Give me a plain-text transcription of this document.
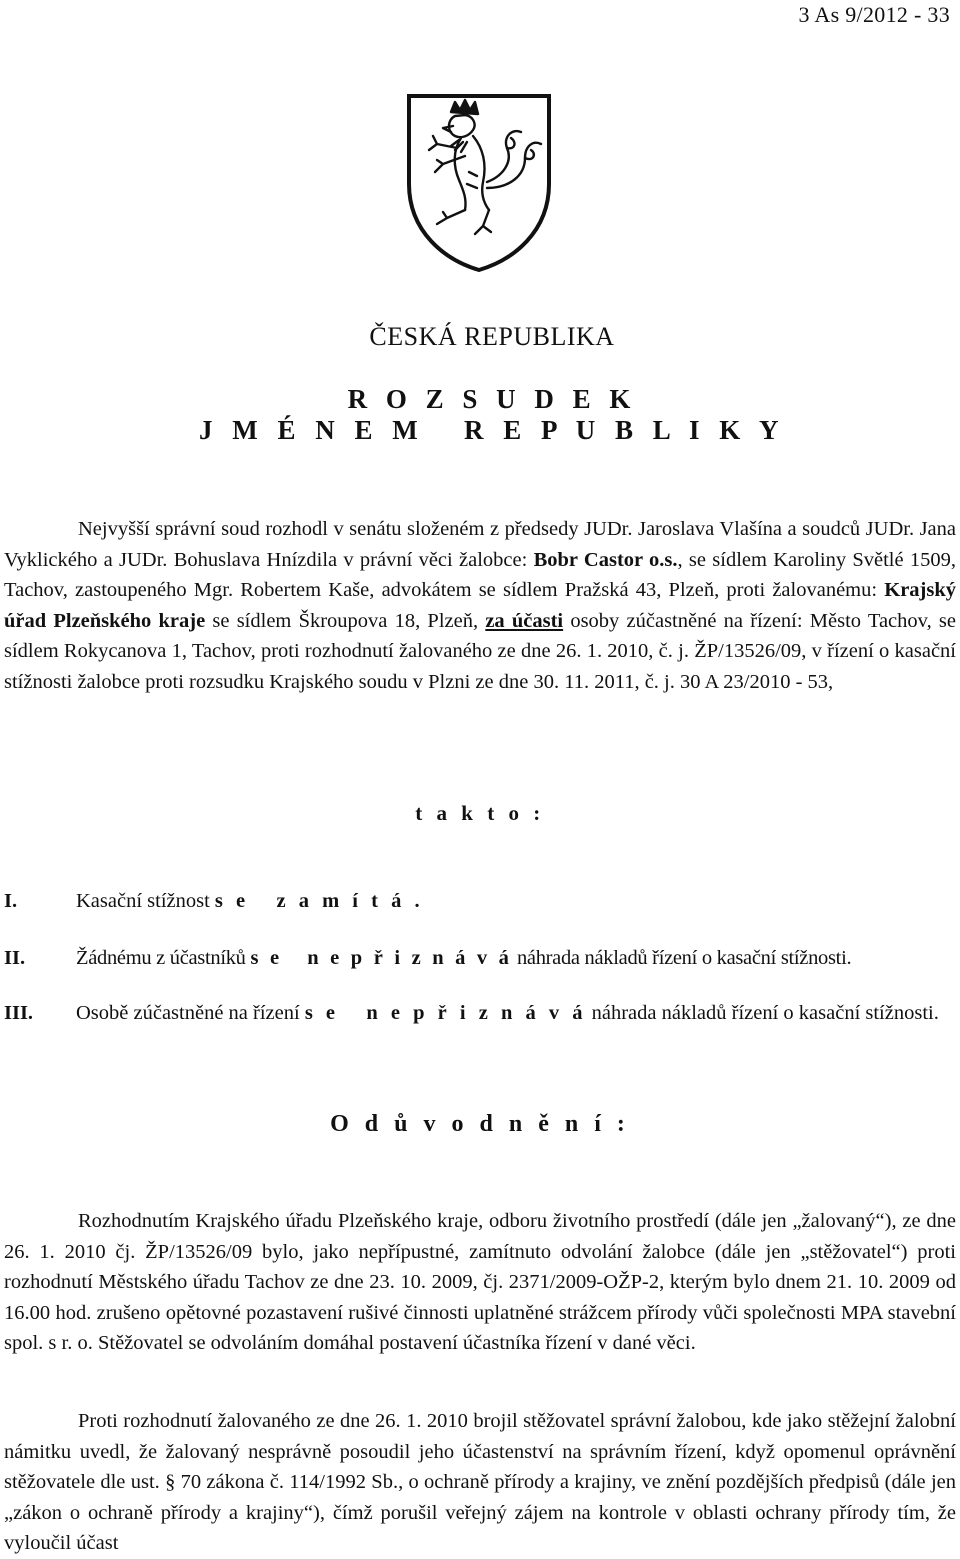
3 As 9/2012 - 33
ČESKÁ REPUBLIKA
R O Z S U D E K
J M É N E M   R E P U B L I K Y

Nejvyšší správní soud rozhodl v senátu složeném z předsedy JUDr. Jaroslava Vlašína a soudců JUDr. Jana Vyklického a JUDr. Bohuslava Hnízdila v právní věci žalobce: Bobr Castor o.s., se sídlem Karoliny Světlé 1509, Tachov, zastoupeného Mgr. Robertem Kaše, advokátem se sídlem Pražská 43, Plzeň, proti žalovanému: Krajský úřad Plzeňského kraje se sídlem Škroupova 18, Plzeň, za účasti osoby zúčastněné na řízení: Město Tachov, se sídlem Rokycanova 1, Tachov, proti rozhodnutí žalovaného ze dne 26. 1. 2010, č. j. ŽP/13526/09, v řízení o kasační stížnosti žalobce proti rozsudku Krajského soudu v Plzni ze dne 30. 11. 2011, č. j. 30 A 23/2010 - 53,

t a k t o :
I.	Kasační stížnost s e   z a m í t á .
II.	Žádnému z účastníků s e   n e p ř i z n á v á náhrada nákladů řízení o kasační stížnosti.
III.	Osobě zúčastněné na řízení s e   n e p ř i z n á v á náhrada nákladů řízení o kasační stížnosti.
O d ů v o d n ě n í :

Rozhodnutím Krajského úřadu Plzeňského kraje, odboru životního prostředí (dále jen „žalovaný“), ze dne 26. 1. 2010 čj. ŽP/13526/09 bylo, jako nepřípustné, zamítnuto odvolání žalobce (dále jen „stěžovatel“) proti rozhodnutí Městského úřadu Tachov ze dne 23. 10. 2009, čj. 2371/2009-OŽP-2, kterým bylo dnem 21. 10. 2009 od 16.00 hod. zrušeno opětovné pozastavení rušivé činnosti uplatněné strážcem přírody vůči společnosti MPA stavební spol. s r. o. Stěžovatel se odvoláním domáhal postavení účastníka řízení v dané věci.

Proti rozhodnutí žalovaného ze dne 26. 1. 2010 brojil stěžovatel správní žalobou, kde jako stěžejní žalobní námitku uvedl, že žalovaný nesprávně posoudil jeho účastenství na správním řízení, když opomenul oprávnění stěžovatele dle ust. § 70 zákona č. 114/1992 Sb., o ochraně přírody a krajiny, ve znění pozdějších předpisů (dále jen „zákon o ochraně přírody a krajiny“), čímž porušil veřejný zájem na kontrole v oblasti ochrany přírody tím, že vyloučil účast
